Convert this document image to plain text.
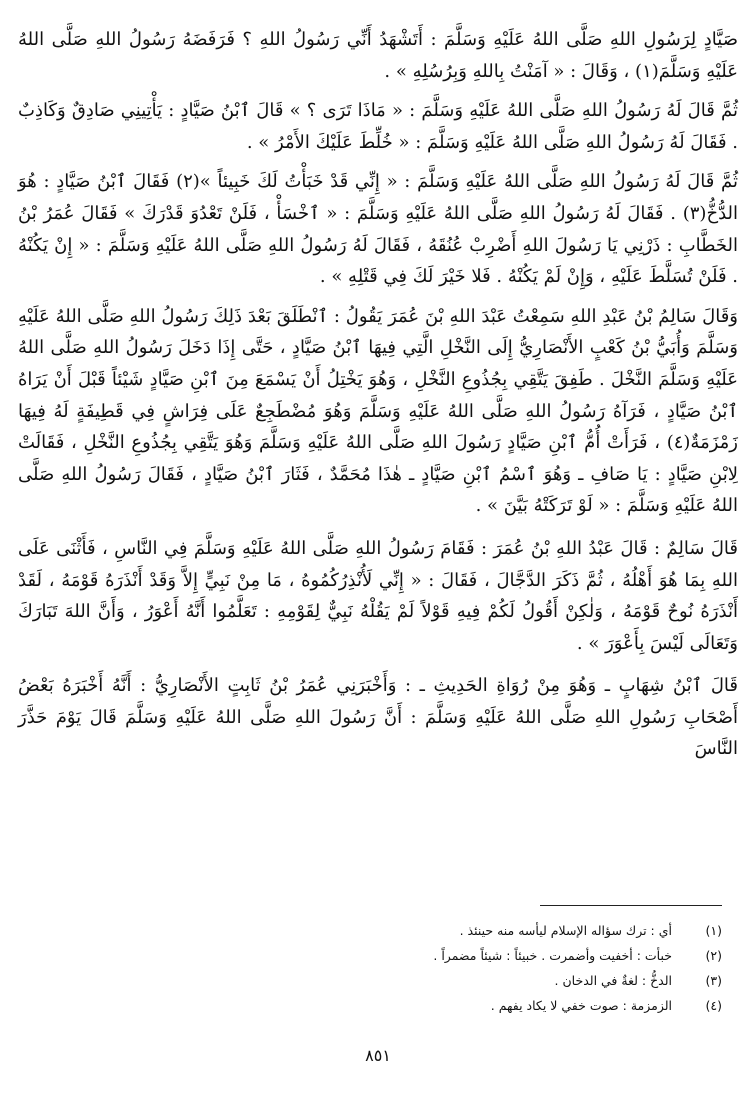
صَيَّادٍ لِرَسُولِ اللهِ صَلَّى اللهُ عَلَيْهِ وَسَلَّمَ : أَتَشْهَدُ أَنِّي رَسُولُ اللهِ ؟ فَرَفَضَهُ رَسُولُ اللهِ صَلَّى اللهُ عَلَيْهِ وَسَلَّمَ(١) ، وَقَالَ : « آمَنْتُ بِاللهِ وَبِرُسُلِهِ » .

ثُمَّ قَالَ لَهُ رَسُولُ اللهِ صَلَّى اللهُ عَلَيْهِ وَسَلَّمَ : « مَاذَا تَرَى ؟ » قَالَ ٱبْنُ صَيَّادٍ : يَأْتِينِي صَادِقٌ وَكَاذِبٌ . فَقَالَ لَهُ رَسُولُ اللهِ صَلَّى اللهُ عَلَيْهِ وَسَلَّمَ : « خُلِّطَ عَلَيْكَ الأَمْرُ » .

ثُمَّ قَالَ لَهُ رَسُولُ اللهِ صَلَّى اللهُ عَلَيْهِ وَسَلَّمَ : « إِنِّي قَدْ خَبَأْتُ لَكَ خَبِيئاً »(٢) فَقَالَ ٱبْنُ صَيَّادٍ : هُوَ الدُّخُّ(٣) . فَقَالَ لَهُ رَسُولُ اللهِ صَلَّى اللهُ عَلَيْهِ وَسَلَّمَ : « ٱخْسَأْ ، فَلَنْ تَعْدُوَ قَدْرَكَ » فَقَالَ عُمَرُ بْنُ الخَطَّابِ : ذَرْنِي يَا رَسُولَ اللهِ أَضْرِبْ عُنُقَهُ ، فَقَالَ لَهُ رَسُولُ اللهِ صَلَّى اللهُ عَلَيْهِ وَسَلَّمَ : « إِنْ يَكُنْهُ . فَلَنْ تُسَلَّطَ عَلَيْهِ ، وَإِنْ لَمْ يَكُنْهُ . فَلا خَيْرَ لَكَ فِي قَتْلِهِ » .

وَقَالَ سَالِمُ بْنُ عَبْدِ اللهِ سَمِعْتُ عَبْدَ اللهِ بْنَ عُمَرَ يَقُولُ : ٱنْطَلَقَ بَعْدَ ذَلِكَ رَسُولُ اللهِ صَلَّى اللهُ عَلَيْهِ وَسَلَّمَ وَأُبَيُّ بْنُ كَعْبٍ الأَنْصَارِيُّ إِلَى النَّخْلِ الَّتِي فِيهَا ٱبْنُ صَيَّادٍ ، حَتَّى إِذَا دَخَلَ رَسُولُ اللهِ صَلَّى اللهُ عَلَيْهِ وَسَلَّمَ النَّخْلَ . طَفِقَ يَتَّقِي بِجُذُوعِ النَّخْلِ ، وَهُوَ يَخْتِلُ أَنْ يَسْمَعَ مِنَ ٱبْنِ صَيَّادٍ شَيْئاً قَبْلَ أَنْ يَرَاهُ ٱبْنُ صَيَّادٍ ، فَرَآهُ رَسُولُ اللهِ صَلَّى اللهُ عَلَيْهِ وَسَلَّمَ وَهُوَ مُضْطَجِعٌ عَلَى فِرَاشٍ فِي قَطِيفَةٍ لَهُ فِيهَا زَمْزَمَةٌ(٤) ، فَرَأَتْ أُمُّ ٱبْنِ صَيَّادٍ رَسُولَ اللهِ صَلَّى اللهُ عَلَيْهِ وَسَلَّمَ وَهُوَ يَتَّقِي بِجُذُوعِ النَّخْلِ ، فَقَالَتْ لِابْنِ صَيَّادٍ : يَا صَافِ ـ وَهُوَ ٱسْمُ ٱبْنِ صَيَّادٍ ـ هٰذَا مُحَمَّدٌ ، فَثَارَ ٱبْنُ صَيَّادٍ ، فَقَالَ رَسُولُ اللهِ صَلَّى اللهُ عَلَيْهِ وَسَلَّمَ : « لَوْ تَرَكَتْهُ بَيَّنَ » .

قَالَ سَالِمٌ : قَالَ عَبْدُ اللهِ بْنُ عُمَرَ : فَقَامَ رَسُولُ اللهِ صَلَّى اللهُ عَلَيْهِ وَسَلَّمَ فِي النَّاسِ ، فَأَثْنَى عَلَى اللهِ بِمَا هُوَ أَهْلُهُ ، ثُمَّ ذَكَرَ الدَّجَّالَ ، فَقَالَ : « إِنِّي لَأُنْذِرُكُمُوهُ ، مَا مِنْ نَبِيٍّ إِلاَّ وَقَدْ أَنْذَرَهُ قَوْمَهُ ، لَقَدْ أَنْذَرَهُ نُوحٌ قَوْمَهُ ، وَلٰكِنْ أَقُولُ لَكُمْ فِيهِ قَوْلاً لَمْ يَقُلْهُ نَبِيٌّ لِقَوْمِهِ : تَعَلَّمُوا أَنَّهُ أَعْوَرُ ، وَأَنَّ اللهَ تَبَارَكَ وَتَعَالَى لَيْسَ بِأَعْوَرَ » .

قَالَ ٱبْنُ شِهَابٍ ـ وَهُوَ مِنْ رُوَاةِ الحَدِيثِ ـ : وَأَخْبَرَنِي عُمَرُ بْنُ ثَابِتٍ الأَنْصَارِيُّ : أَنَّهُ أَخْبَرَهُ بَعْضُ أَصْحَابِ رَسُولِ اللهِ صَلَّى اللهُ عَلَيْهِ وَسَلَّمَ : أَنَّ رَسُولَ اللهِ صَلَّى اللهُ عَلَيْهِ وَسَلَّمَ قَالَ يَوْمَ حَذَّرَ النَّاسَ

(١)
أي : ترك سؤاله الإسلام ليأسه منه حينئذ .
(٢)
خبأت : أخفيت وأضمرت . خبيئاً : شيئاً مضمراً .
(٣)
الدخُّ : لغةٌ في الدخان .
(٤)
الزمزمة : صوت خفي لا يكاد يفهم .
٨٥١
